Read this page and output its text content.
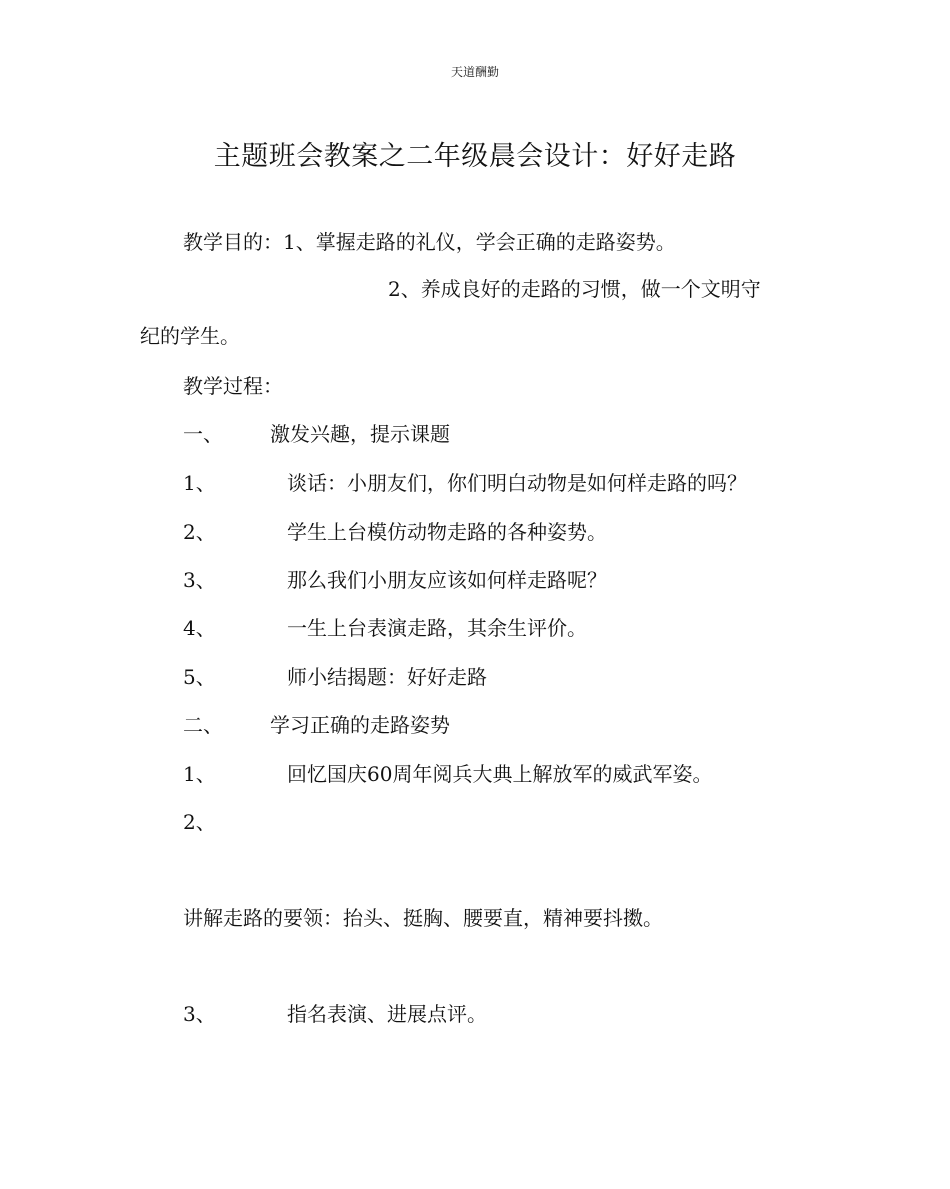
天道酬勤
主题班会教案之二年级晨会设计：好好走路
教学目的：1、掌握走路的礼仪，学会正确的走路姿势。
2、养成良好的走路的习惯，做一个文明守
纪的学生。
教学过程：
一、 激发兴趣，提示课题
1、	谈话：小朋友们，你们明白动物是如何样走路的吗？
2、	学生上台模仿动物走路的各种姿势。
3、	那么我们小朋友应该如何样走路呢？
4、	一生上台表演走路，其余生评价。
5、	师小结揭题：好好走路
二、 学习正确的走路姿势
1、	回忆国庆60周年阅兵大典上解放军的威武军姿。
2、
讲解走路的要领：抬头、挺胸、腰要直，精神要抖擞。
3、	指名表演、进展点评。
